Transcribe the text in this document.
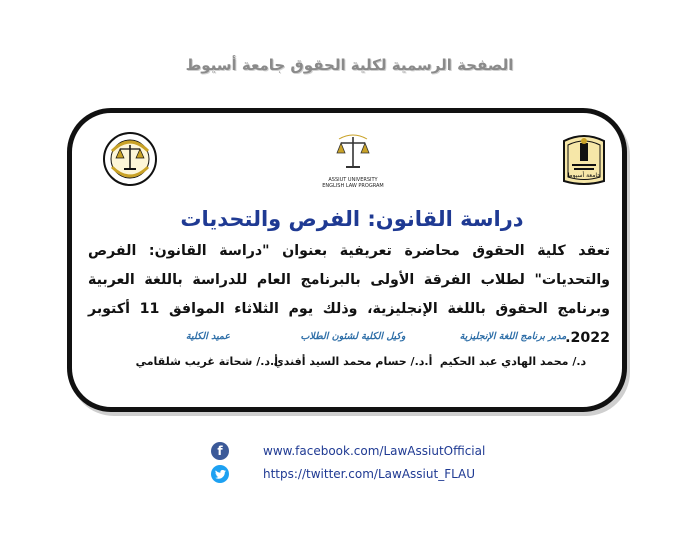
الصفحة الرسمية لكلية الحقوق جامعة أسيوط
جامعة أسيوط
ASSIUT UNIVERSITY
ENGLISH LAW PROGRAM
دراسة القانون: الفرص والتحديات
تعقد كلية الحقوق محاضرة تعريفية بعنوان "دراسة القانون: الفرص والتحديات" لطلاب الفرقة الأولى بالبرنامج العام للدراسة باللغة العربية وبرنامج الحقوق باللغة الإنجليزية، وذلك يوم الثلاثاء الموافق 11 أكتوبر 2022.
مدير برنامج اللغة الإنجليزية
د./ محمد الهادي عبد الحكيم
وكيل الكلية لشئون الطلاب
أ.د./ حسام محمد السيد أفندي
عميد الكلية
أ.د./ شحاتة غريب شلقامي
f	www.facebook.com/LawAssiutOfficial
https://twitter.com/LawAssiut_FLAU
